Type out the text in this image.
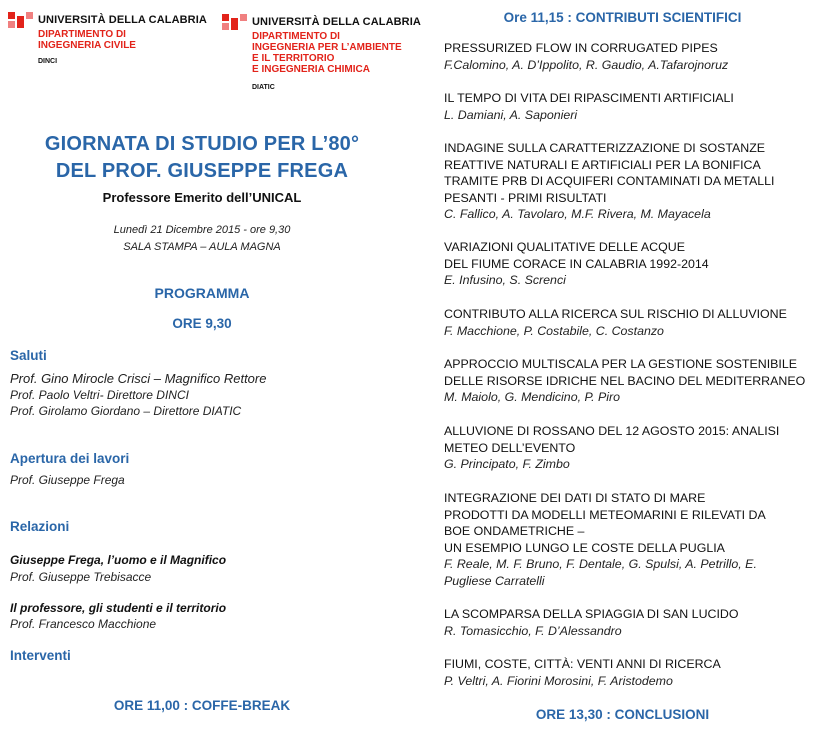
UNIVERSITÀ DELLA CALABRIA
DIPARTIMENTO DI
INGEGNERIA CIVILE
DINCI
UNIVERSITÀ DELLA CALABRIA
DIPARTIMENTO DI
INGEGNERIA PER L’AMBIENTE
E IL TERRITORIO
E INGEGNERIA CHIMICA
DIATIC
GIORNATA DI STUDIO PER L’80°
DEL PROF. GIUSEPPE FREGA
Professore Emerito dell’UNICAL
Lunedì 21 Dicembre 2015 - ore 9,30
SALA STAMPA – AULA MAGNA
PROGRAMMA
ORE 9,30
Saluti
Prof. Gino Mirocle Crisci – Magnifico Rettore
Prof. Paolo Veltri- Direttore DINCI
Prof. Girolamo Giordano – Direttore DIATIC
Apertura dei lavori
Prof. Giuseppe Frega
Relazioni
Giuseppe Frega, l’uomo e il Magnifico
Prof. Giuseppe Trebisacce
Il professore, gli studenti e il territorio
Prof. Francesco Macchione
Interventi
ORE 11,00 : COFFE-BREAK
Ore 11,15 : CONTRIBUTI SCIENTIFICI
PRESSURIZED FLOW IN CORRUGATED PIPES
F.Calomino, A. D’Ippolito, R. Gaudio, A.Tafarojnoruz
IL TEMPO DI VITA DEI RIPASCIMENTI ARTIFICIALI
L. Damiani, A. Saponieri
INDAGINE SULLA CARATTERIZZAZIONE DI SOSTANZE
REATTIVE NATURALI E ARTIFICIALI PER LA BONIFICA
TRAMITE PRB DI ACQUIFERI CONTAMINATI DA METALLI
PESANTI - PRIMI RISULTATI
C. Fallico, A. Tavolaro, M.F. Rivera, M. Mayacela
VARIAZIONI QUALITATIVE DELLE ACQUE
DEL FIUME CORACE IN CALABRIA 1992-2014
E. Infusino, S. Screnci
CONTRIBUTO ALLA RICERCA SUL RISCHIO DI ALLUVIONE
F. Macchione, P. Costabile, C. Costanzo
APPROCCIO MULTISCALA PER LA GESTIONE SOSTENIBILE
DELLE RISORSE IDRICHE NEL BACINO DEL MEDITERRANEO
M. Maiolo, G. Mendicino, P. Piro
ALLUVIONE DI ROSSANO DEL 12 AGOSTO 2015: ANALISI
METEO DELL’EVENTO
G. Principato, F. Zimbo
INTEGRAZIONE DEI DATI DI STATO DI MARE
PRODOTTI DA MODELLI METEOMARINI E RILEVATI DA
BOE ONDAMETRICHE –
UN ESEMPIO LUNGO LE COSTE DELLA PUGLIA
F. Reale, M. F. Bruno, F. Dentale, G. Spulsi, A. Petrillo, E.
Pugliese Carratelli
LA SCOMPARSA DELLA SPIAGGIA DI SAN LUCIDO
R. Tomasicchio, F. D’Alessandro
FIUMI, COSTE, CITTÀ: VENTI ANNI DI RICERCA
P. Veltri, A. Fiorini Morosini, F. Aristodemo
ORE 13,30 : CONCLUSIONI
